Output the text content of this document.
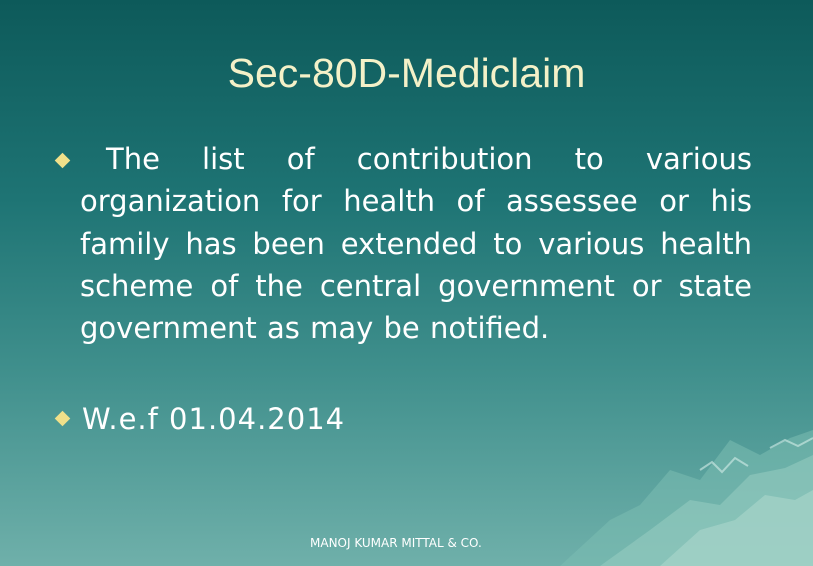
Sec-80D-Mediclaim

The list of contribution to various organization for health of assessee or his family has been extended to various health scheme of the central government or state government as may be notified.

W.e.f 01.04.2014

MANOJ KUMAR MITTAL & CO.
